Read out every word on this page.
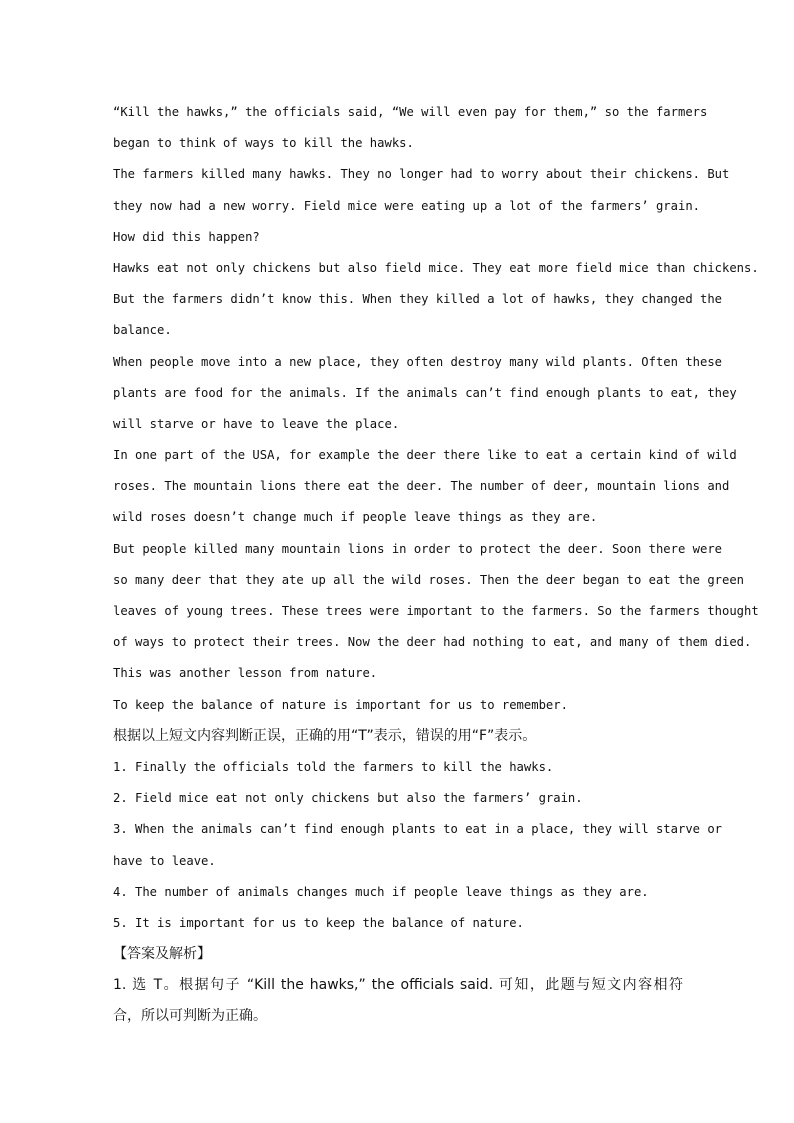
“Kill the hawks,” the officials said, “We will even pay for them,” so the farmers
began to think of ways to kill the hawks.
The farmers killed many hawks. They no longer had to worry about their chickens. But
they now had a new worry. Field mice were eating up a lot of the farmers’ grain.
How did this happen?
Hawks eat not only chickens but also field mice. They eat more field mice than chickens.
But the farmers didn’t know this. When they killed a lot of hawks, they changed the
balance.
When people move into a new place, they often destroy many wild plants. Often these
plants are food for the animals. If the animals can’t find enough plants to eat, they
will starve or have to leave the place.
In one part of the USA, for example the deer there like to eat a certain kind of wild
roses. The mountain lions there eat the deer. The number of deer, mountain lions and
wild roses doesn’t change much if people leave things as they are.
But people killed many mountain lions in order to protect the deer. Soon there were
so many deer that they ate up all the wild roses. Then the deer began to eat the green
leaves of young trees. These trees were important to the farmers. So the farmers thought
of ways to protect their trees. Now the deer had nothing to eat, and many of them died.
This was another lesson from nature.
To keep the balance of nature is important for us to remember.
根据以上短文内容判断正误，正确的用“T”表示，错误的用“F”表示。
1. Finally the officials told the farmers to kill the hawks.
2. Field mice eat not only chickens but also the farmers’ grain.
3. When the animals can’t find enough plants to eat in a place, they will starve or
have to leave.
4. The number of animals changes much if people leave things as they are.
5. It is important for us to keep the balance of nature.
【答案及解析】
1. 选 T。根据句子 “Kill the hawks,” the officials said. 可知，此题与短文内容相符
合，所以可判断为正确。
